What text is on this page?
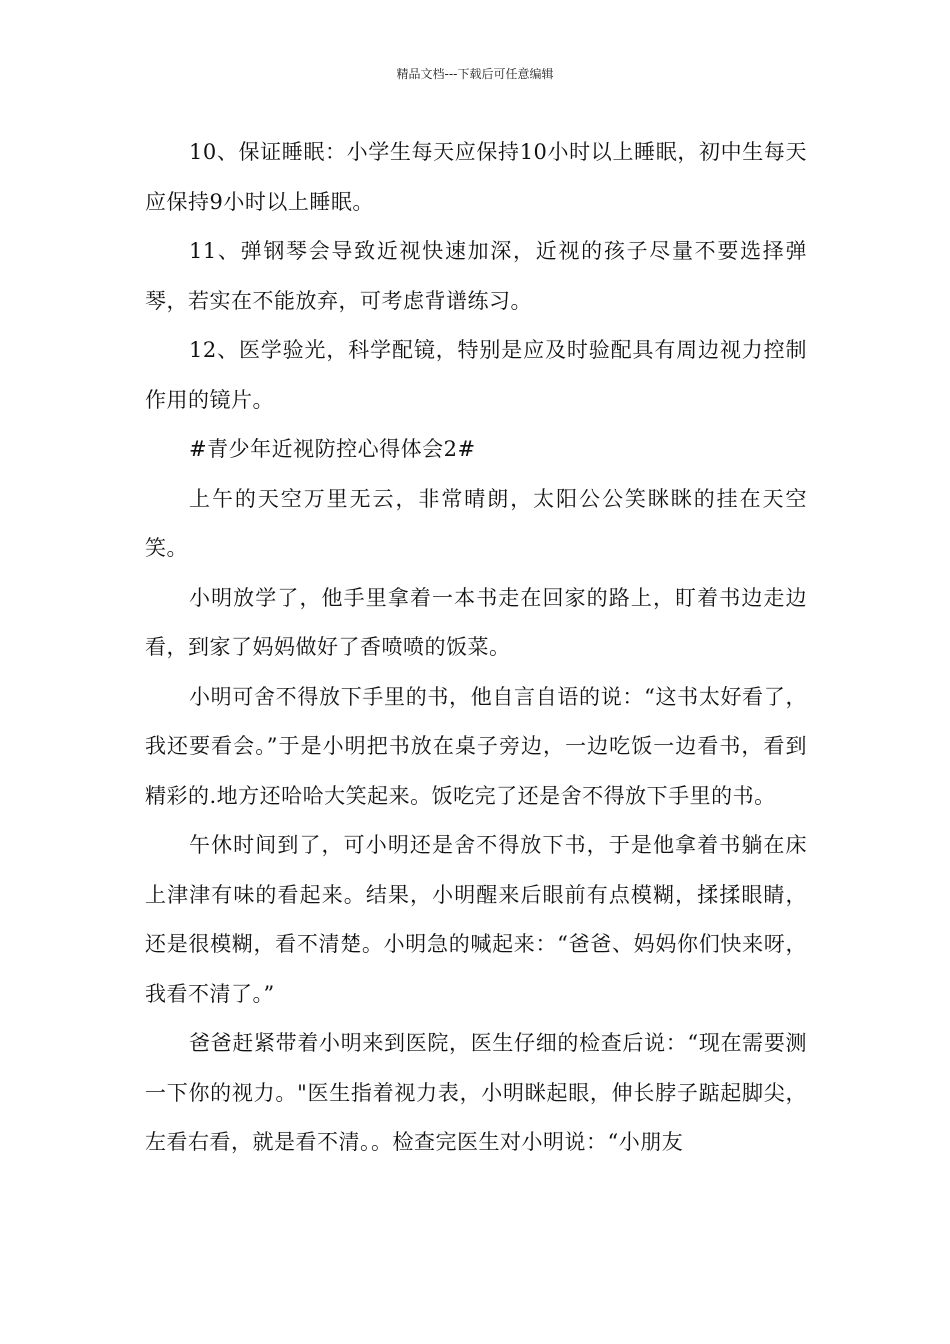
精品文档---下载后可任意编辑

10、保证睡眠：小学生每天应保持10小时以上睡眠，初中生每天应保持9小时以上睡眠。

11、弹钢琴会导致近视快速加深，近视的孩子尽量不要选择弹琴，若实在不能放弃，可考虑背谱练习。

12、医学验光，科学配镜，特别是应及时验配具有周边视力控制作用的镜片。

#青少年近视防控心得体会2#

上午的天空万里无云，非常晴朗，太阳公公笑眯眯的挂在天空笑。

小明放学了，他手里拿着一本书走在回家的路上，盯着书边走边看，到家了妈妈做好了香喷喷的饭菜。

小明可舍不得放下手里的书，他自言自语的说：“这书太好看了，我还要看会。”于是小明把书放在桌子旁边，一边吃饭一边看书，看到精彩的.地方还哈哈大笑起来。饭吃完了还是舍不得放下手里的书。

午休时间到了，可小明还是舍不得放下书，于是他拿着书躺在床上津津有味的看起来。结果，小明醒来后眼前有点模糊，揉揉眼睛，还是很模糊，看不清楚。小明急的喊起来：“爸爸、妈妈你们快来呀，我看不清了。”

爸爸赶紧带着小明来到医院，医生仔细的检查后说：“现在需要测一下你的视力。"医生指着视力表，小明眯起眼，伸长脖子踮起脚尖，左看右看，就是看不清。。检查完医生对小明说：“小朋友
